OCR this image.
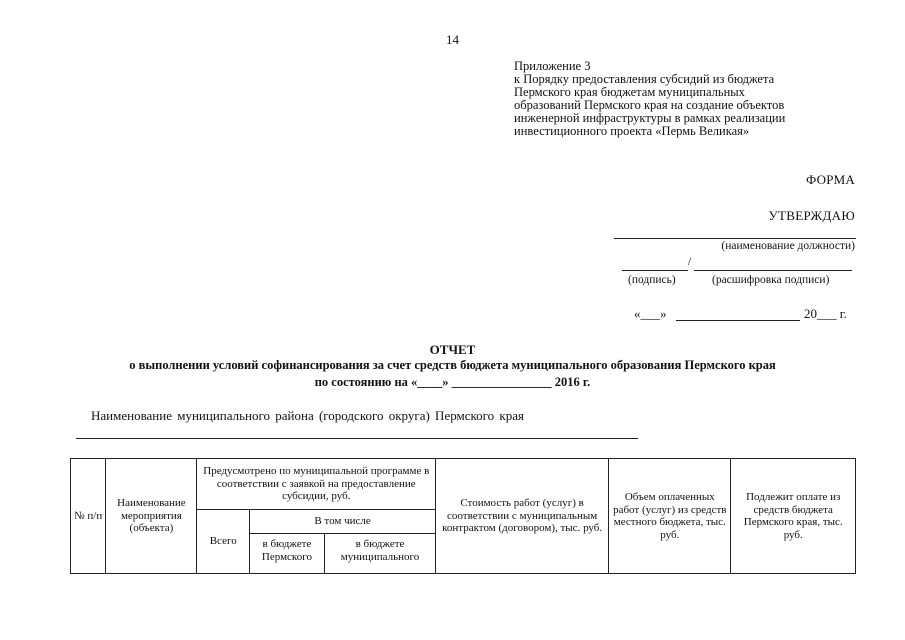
14
Приложение 3
к Порядку предоставления субсидий из бюджета
Пермского края бюджетам муниципальных
образований Пермского края на создание объектов
инженерной инфраструктуры в рамках реализации
инвестиционного проекта «Пермь Великая»
ФОРМА
УТВЕРЖДАЮ
(наименование должности)
/
(подпись)	(расшифровка подписи)
«___»	20___ г.
ОТЧЕТ
о выполнении условий софинансирования за счет средств бюджета муниципального образования Пермского края
по состоянию на «____» ________________ 2016 г.
Наименование муниципального района (городского округа) Пермского края
№ п/п	Наименование мероприятия (объекта)	Предусмотрено по муниципальной программе в соответствии с заявкой на предоставление субсидии, руб.			Стоимость работ (услуг) в соответствии с муниципальным контрактом (договором), тыс. руб.	Объем оплаченных работ (услуг) из средств местного бюджета, тыс. руб.	Подлежит оплате из средств бюджета Пермского края, тыс. руб.
		Всего	В том числе				
			в бюджете Пермского	в бюджете муниципального			
